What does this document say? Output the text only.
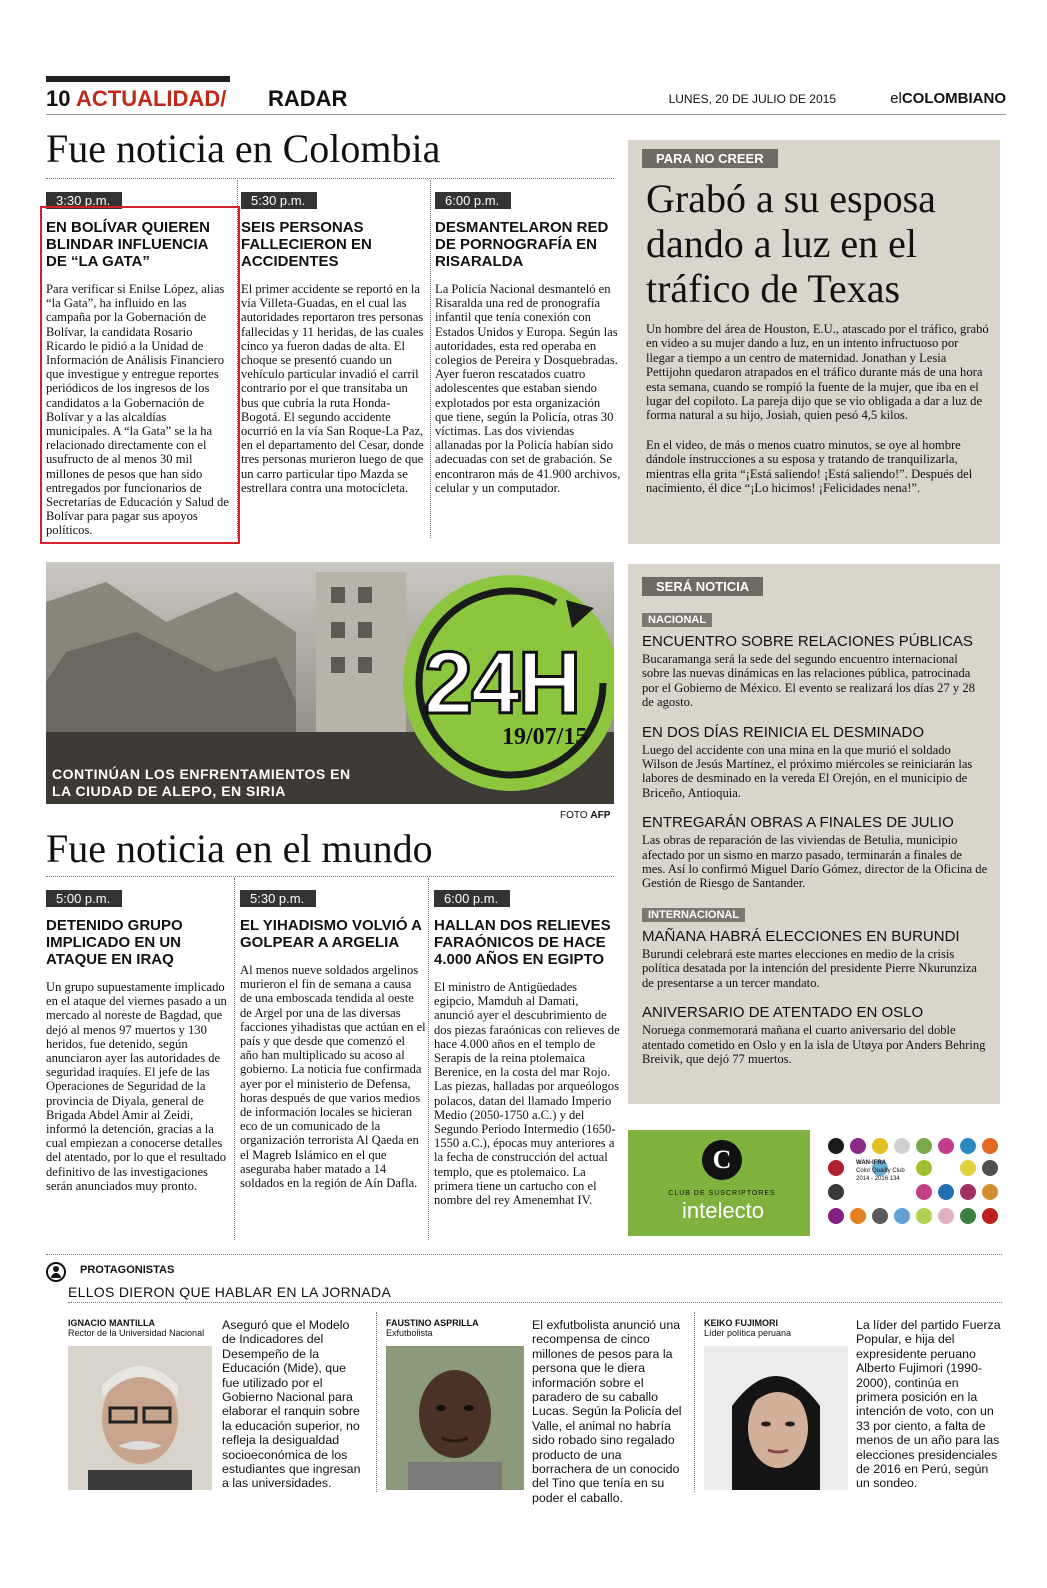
10 ACTUALIDAD/ RADAR	LUNES, 20 DE JULIO DE 2015	elCOLOMBIANO
Fue noticia en Colombia
3:30 p.m.
EN BOLÍVAR QUIEREN BLINDAR INFLUENCIA DE “LA GATA”
Para verificar si Enilse López, alias “la Gata”, ha influido en las campaña por la Gobernación de Bolívar, la candidata Rosario Ricardo le pidió a la Unidad de Información de Análisis Financiero que investigue y entregue reportes periódicos de los ingresos de los candidatos a la Gobernación de Bolívar y a las alcaldías municipales. A “la Gata” se la ha relacionado directamente con el usufructo de al menos 30 mil millones de pesos que han sido entregados por funcionarios de Secretarías de Educación y Salud de Bolívar para pagar sus apoyos políticos.
5:30 p.m.
SEIS PERSONAS FALLECIERON EN ACCIDENTES
El primer accidente se reportó en la vía Villeta-Guadas, en el cual las autoridades reportaron tres personas fallecidas y 11 heridas, de las cuales cinco ya fueron dadas de alta. El choque se presentó cuando un vehículo particular invadió el carril contrario por el que transitaba un bus que cubría la ruta Honda-Bogotá. El segundo accidente ocurrió en la vía San Roque-La Paz, en el departamento del Cesar, donde tres personas murieron luego de que un carro particular tipo Mazda se estrellara contra una motocicleta.
6:00 p.m.
DESMANTELARON RED DE PORNOGRAFÍA EN RISARALDA
La Policía Nacional desmanteló en Risaralda una red de pronografía infantil que tenía conexión con Estados Unidos y Europa. Según las autoridades, esta red operaba en colegios de Pereira y Dosquebradas. Ayer fueron rescatados cuatro adolescentes que estaban siendo explotados por esta organización que tiene, según la Policía, otras 30 víctimas. Las dos viviendas allanadas por la Policía habían sido adecuadas con set de grabación. Se encontraron más de 41.900 archivos, celular y un computador.
PARA NO CREER
Grabó a su esposa dando a luz en el tráfico de Texas
Un hombre del área de Houston, E.U., atascado por el tráfico, grabó en video a su mujer dando a luz, en un intento infructuoso por llegar a tiempo a un centro de maternidad. Jonathan y Lesia Pettijohn quedaron atrapados en el tráfico durante más de una hora esta semana, cuando se rompió la fuente de la mujer, que iba en el lugar del copiloto. La pareja dijo que se vio obligada a dar a luz de forma natural a su hijo, Josiah, quien pesó 4,5 kilos.
En el video, de más o menos cuatro minutos, se oye al hombre dándole instrucciones a su esposa y tratando de tranquilizarla, mientras ella grita “¡Está saliendo! ¡Está saliendo!”. Después del nacimiento, él dice “¡Lo hicimos! ¡Felicidades nena!”.
24H
19/07/15
CONTINÚAN LOS ENFRENTAMIENTOS EN
LA CIUDAD DE ALEPO, EN SIRIA
FOTO AFP
SERÁ NOTICIA
NACIONAL
ENCUENTRO SOBRE RELACIONES PÚBLICAS
Bucaramanga será la sede del segundo encuentro internacional sobre las nuevas dinámicas en las relaciones pública, patrocinada por el Gobierno de México. El evento se realizará los días 27 y 28 de agosto.
EN DOS DÍAS REINICIA EL DESMINADO
Luego del accidente con una mina en la que murió el soldado Wilson de Jesús Martínez, el próximo miércoles se reiniciarán las labores de desminado en la vereda El Orejón, en el municipio de Briceño, Antioquia.
ENTREGARÁN OBRAS A FINALES DE JULIO
Las obras de reparación de las viviendas de Betulia, municipio afectado por un sismo en marzo pasado, terminarán a finales de mes. Así lo confirmó Miguel Darío Gómez, director de la Oficina de Gestión de Riesgo de Santander.
INTERNACIONAL
MAÑANA HABRÁ ELECCIONES EN BURUNDI
Burundi celebrará este martes elecciones en medio de la crisis política desatada por la intención del presidente Pierre Nkurunziza de presentarse a un tercer mandato.
ANIVERSARIO DE ATENTADO EN OSLO
Noruega conmemorará mañana el cuarto aniversario del doble atentado cometido en Oslo y en la isla de Utøya por Anders Behring Breivik, que dejó 77 muertos.
Fue noticia en el mundo
5:00 p.m.
DETENIDO GRUPO IMPLICADO EN UN ATAQUE EN IRAQ
Un grupo supuestamente implicado en el ataque del viernes pasado a un mercado al noreste de Bagdad, que dejó al menos 97 muertos y 130 heridos, fue detenido, según anunciaron ayer las autoridades de seguridad iraquíes. El jefe de las Operaciones de Seguridad de la provincia de Diyala, general de Brigada Abdel Amir al Zeidi, informó la detención, gracias a la cual empiezan a conocerse detalles del atentado, por lo que el resultado definitivo de las investigaciones serán anunciados muy pronto.
5:30 p.m.
EL YIHADISMO VOLVIÓ A GOLPEAR A ARGELIA
Al menos nueve soldados argelinos murieron el fin de semana a causa de una emboscada tendida al oeste de Argel por una de las diversas facciones yihadistas que actúan en el país y que desde que comenzó el año han multiplicado su acoso al gobierno. La noticia fue confirmada ayer por el ministerio de Defensa, horas después de que varios medios de información locales se hicieran eco de un comunicado de la organización terrorista Al Qaeda en el Magreb Islámico en el que aseguraba haber matado a 14 soldados en la región de Aín Dafla.
6:00 p.m.
HALLAN DOS RELIEVES FARAÓNICOS DE HACE 4.000 AÑOS EN EGIPTO
El ministro de Antigüedades egipcio, Mamduh al Damati, anunció ayer el descubrimiento de dos piezas faraónicas con relieves de hace 4.000 años en el templo de Serapis de la reina ptolemaica Berenice, en la costa del mar Rojo. Las piezas, halladas por arqueólogos polacos, datan del llamado Imperio Medio (2050-1750 a.C.) y del Segundo Periodo Intermedio (1650-1550 a.C.), épocas muy anteriores a la fecha de construcción del actual templo, que es ptolemaico. La primera tiene un cartucho con el nombre del rey Amenemhat IV.
C
CLUB DE SUSCRIPTORES
intelecto
WAN-IFRA
Color Quality Club
2014 - 2016 134
PROTAGONISTAS
ELLOS DIERON QUE HABLAR EN LA JORNADA
IGNACIO MANTILLA
Rector de la Universidad Nacional
Aseguró que el Modelo de Indicadores del Desempeño de la Educación (Mide), que fue utilizado por el Gobierno Nacional para elaborar el ranquin sobre la educación superior, no refleja la desigualdad socioeconómica de los estudiantes que ingresan a las universidades.
FAUSTINO ASPRILLA
Exfutbolista
El exfutbolista anunció una recompensa de cinco millones de pesos para la persona que le diera información sobre el paradero de su caballo Lucas. Según la Policía del Valle, el animal no habría sido robado sino regalado producto de una borrachera de un conocido del Tino que tenía en su poder el caballo.
KEIKO FUJIMORI
Líder política peruana
La líder del partido Fuerza Popular, e hija del expresidente peruano Alberto Fujimori (1990-2000), continúa en primera posición en la intención de voto, con un 33 por ciento, a falta de menos de un año para las elecciones presidenciales de 2016 en Perú, según un sondeo.
